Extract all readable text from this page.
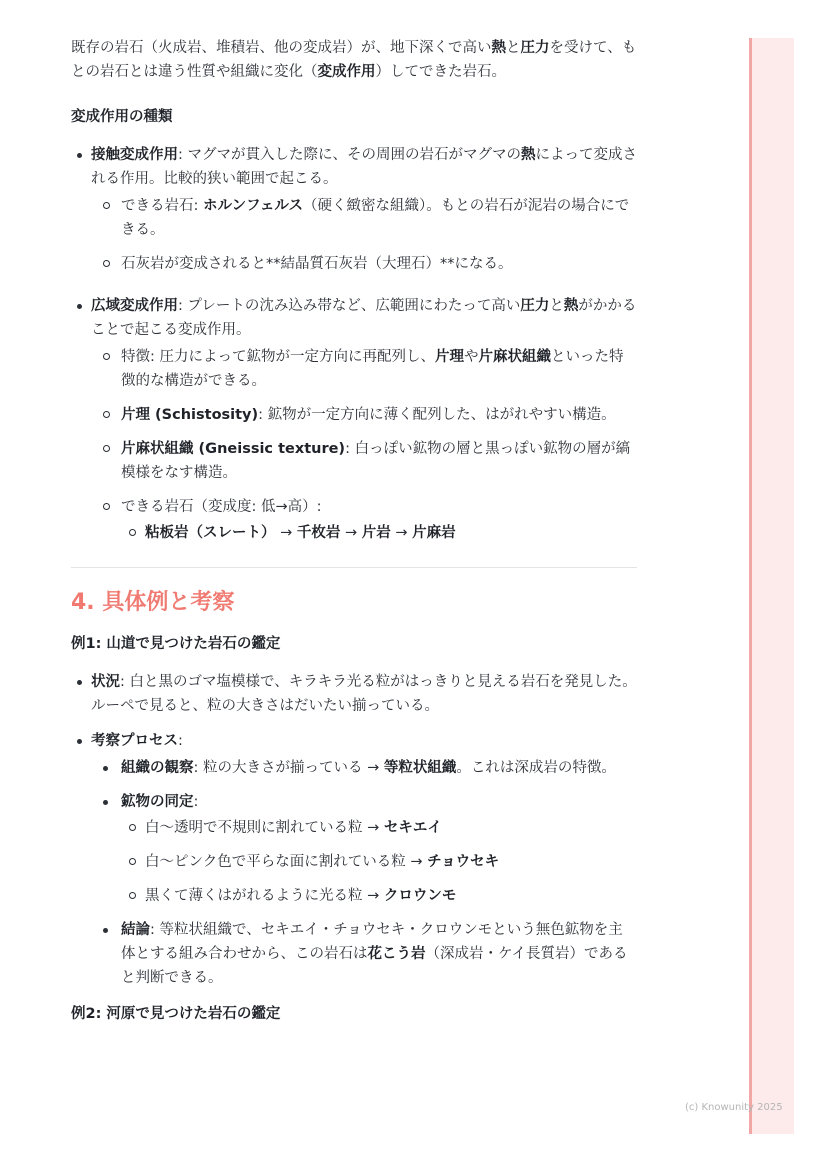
既存の岩石（火成岩、堆積岩、他の変成岩）が、地下深くで高い熱と圧力を受けて、もとの岩石とは違う性質や組織に変化（変成作用）してできた岩石。

変成作用の種類
接触変成作用: マグマが貫入した際に、その周囲の岩石がマグマの熱によって変成される作用。比較的狭い範囲で起こる。
できる岩石: ホルンフェルス（硬く緻密な組織）。もとの岩石が泥岩の場合にできる。
石灰岩が変成されると**結晶質石灰岩（大理石）**になる。
広域変成作用: プレートの沈み込み帯など、広範囲にわたって高い圧力と熱がかかることで起こる変成作用。
特徴: 圧力によって鉱物が一定方向に再配列し、片理や片麻状組織といった特徴的な構造ができる。
片理 (Schistosity): 鉱物が一定方向に薄く配列した、はがれやすい構造。
片麻状組織 (Gneissic texture): 白っぽい鉱物の層と黒っぽい鉱物の層が縞模様をなす構造。
できる岩石（変成度: 低→高）:
粘板岩（スレート） → 千枚岩 → 片岩 → 片麻岩
4. 具体例と考察
例1: 山道で見つけた岩石の鑑定
状況: 白と黒のゴマ塩模様で、キラキラ光る粒がはっきりと見える岩石を発見した。ルーペで見ると、粒の大きさはだいたい揃っている。
考察プロセス:
組織の観察: 粒の大きさが揃っている → 等粒状組織。これは深成岩の特徴。
鉱物の同定:
白〜透明で不規則に割れている粒 → セキエイ
白〜ピンク色で平らな面に割れている粒 → チョウセキ
黒くて薄くはがれるように光る粒 → クロウンモ
結論: 等粒状組織で、セキエイ・チョウセキ・クロウンモという無色鉱物を主体とする組み合わせから、この岩石は花こう岩（深成岩・ケイ長質岩）であると判断できる。
例2: 河原で見つけた岩石の鑑定
(c) Knowunity 2025
